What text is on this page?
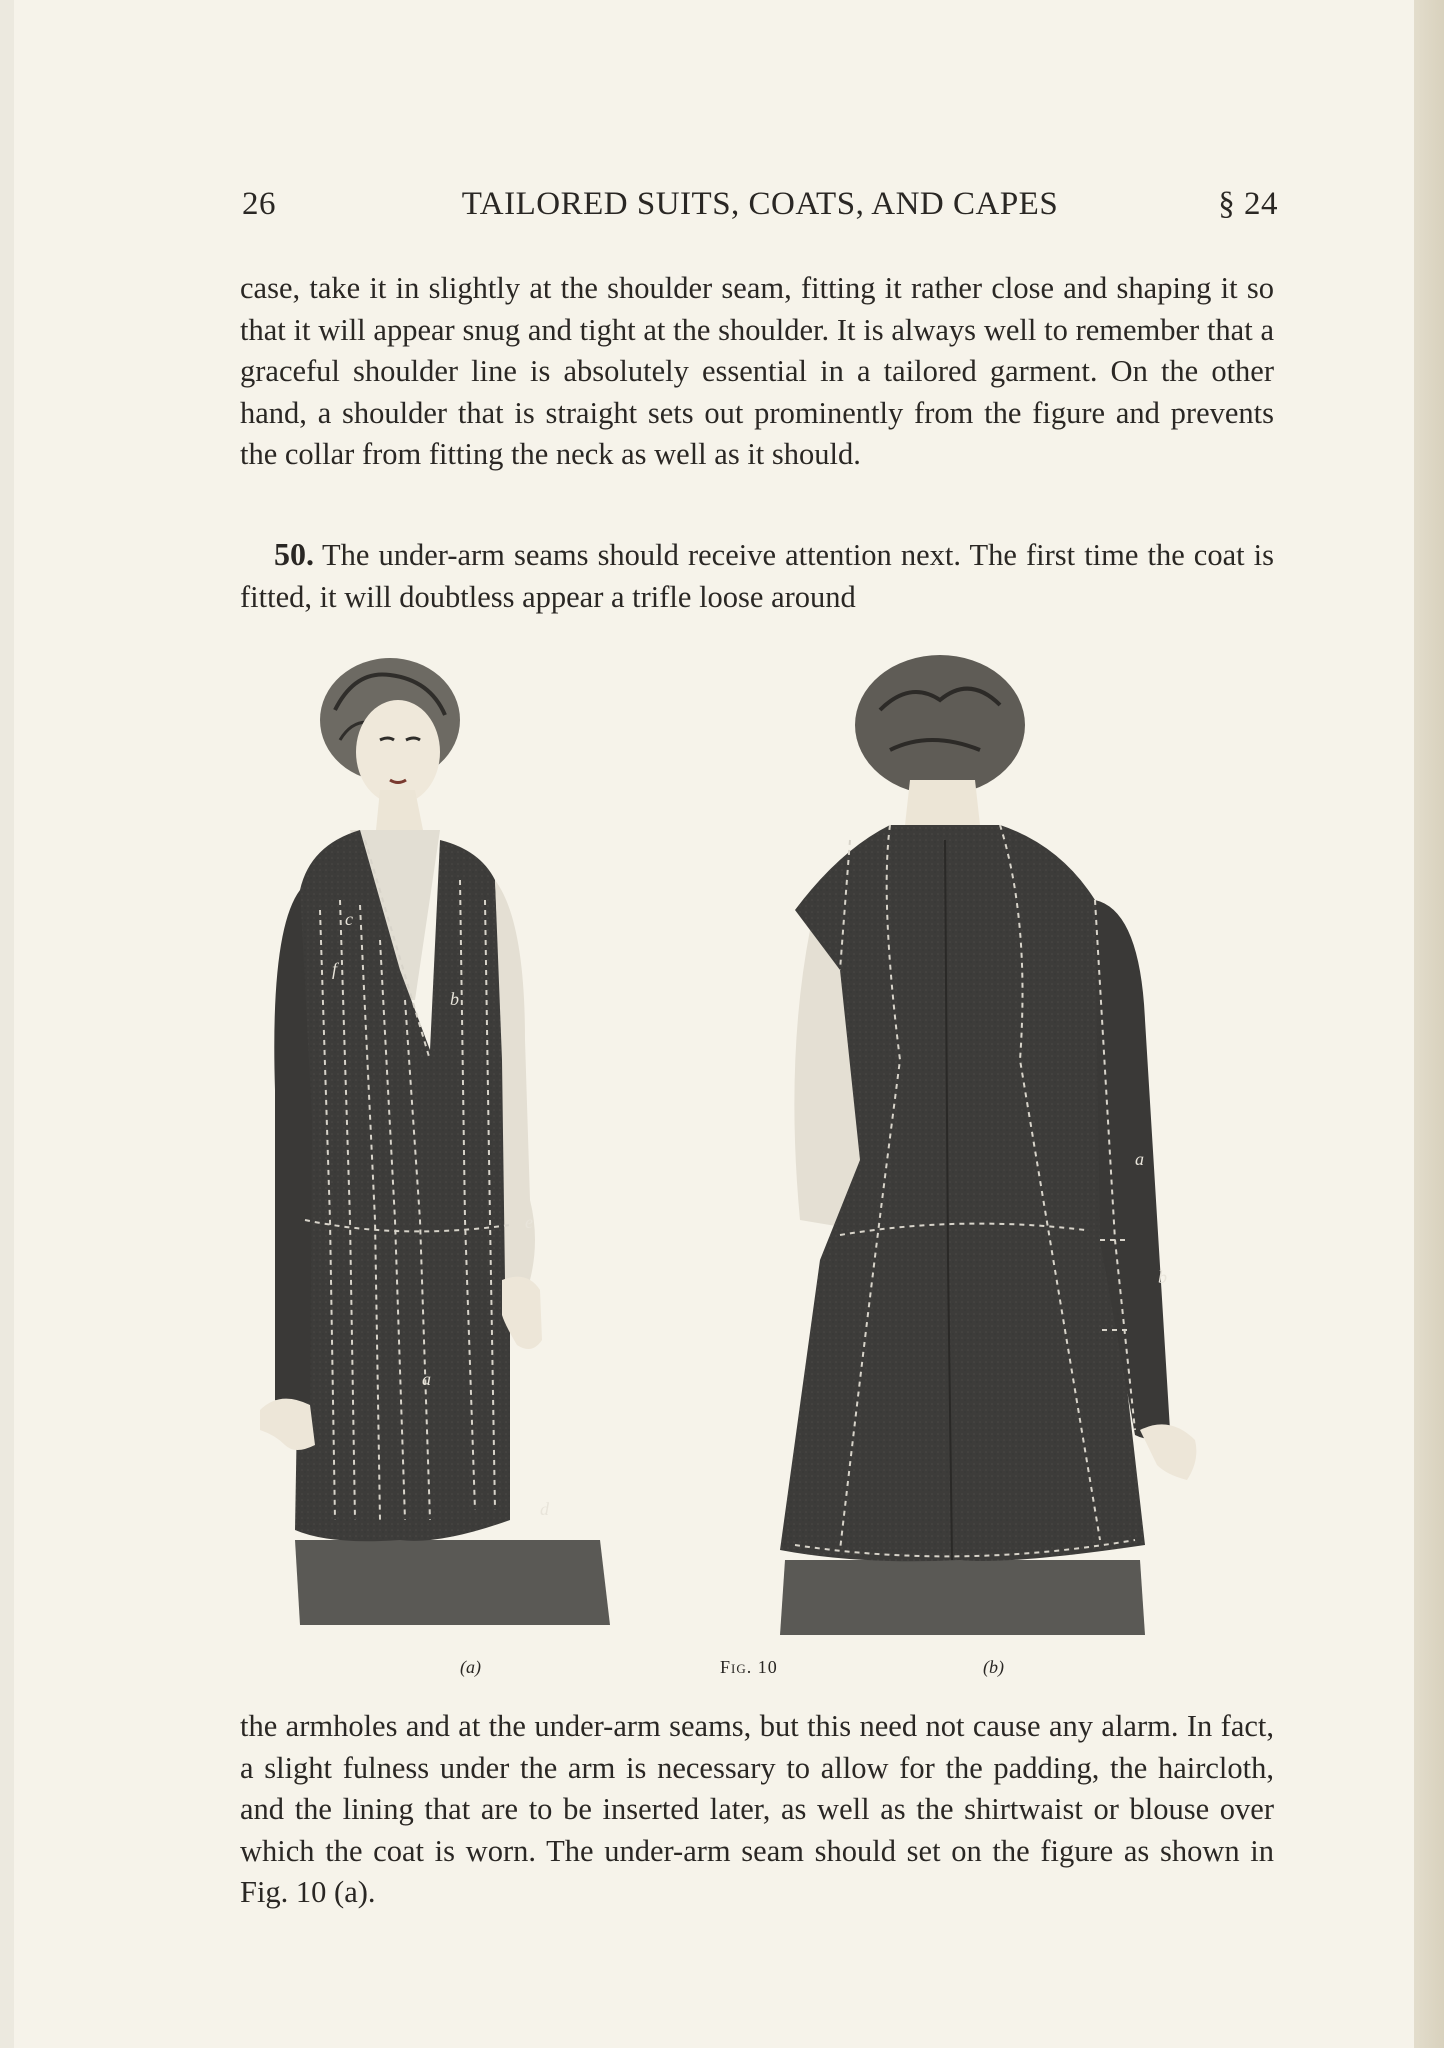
26	TAILORED SUITS, COATS, AND CAPES	§ 24

case, take it in slightly at the shoulder seam, fitting it rather close and shaping it so that it will appear snug and tight at the shoulder. It is always well to remember that a graceful shoulder line is absolutely essential in a tailored garment. On the other hand, a shoulder that is straight sets out prominently from the figure and prevents the collar from fitting the neck as well as it should.

50. The under-arm seams should receive attention next. The first time the coat is fitted, it will doubtless appear a trifle loose around

c
f
b
e
a
d
a
b
(a)	Fig. 10	(b)

the armholes and at the under-arm seams, but this need not cause any alarm. In fact, a slight fulness under the arm is necessary to allow for the padding, the haircloth, and the lining that are to be inserted later, as well as the shirtwaist or blouse over which the coat is worn. The under-arm seam should set on the figure as shown in Fig. 10 (a).
